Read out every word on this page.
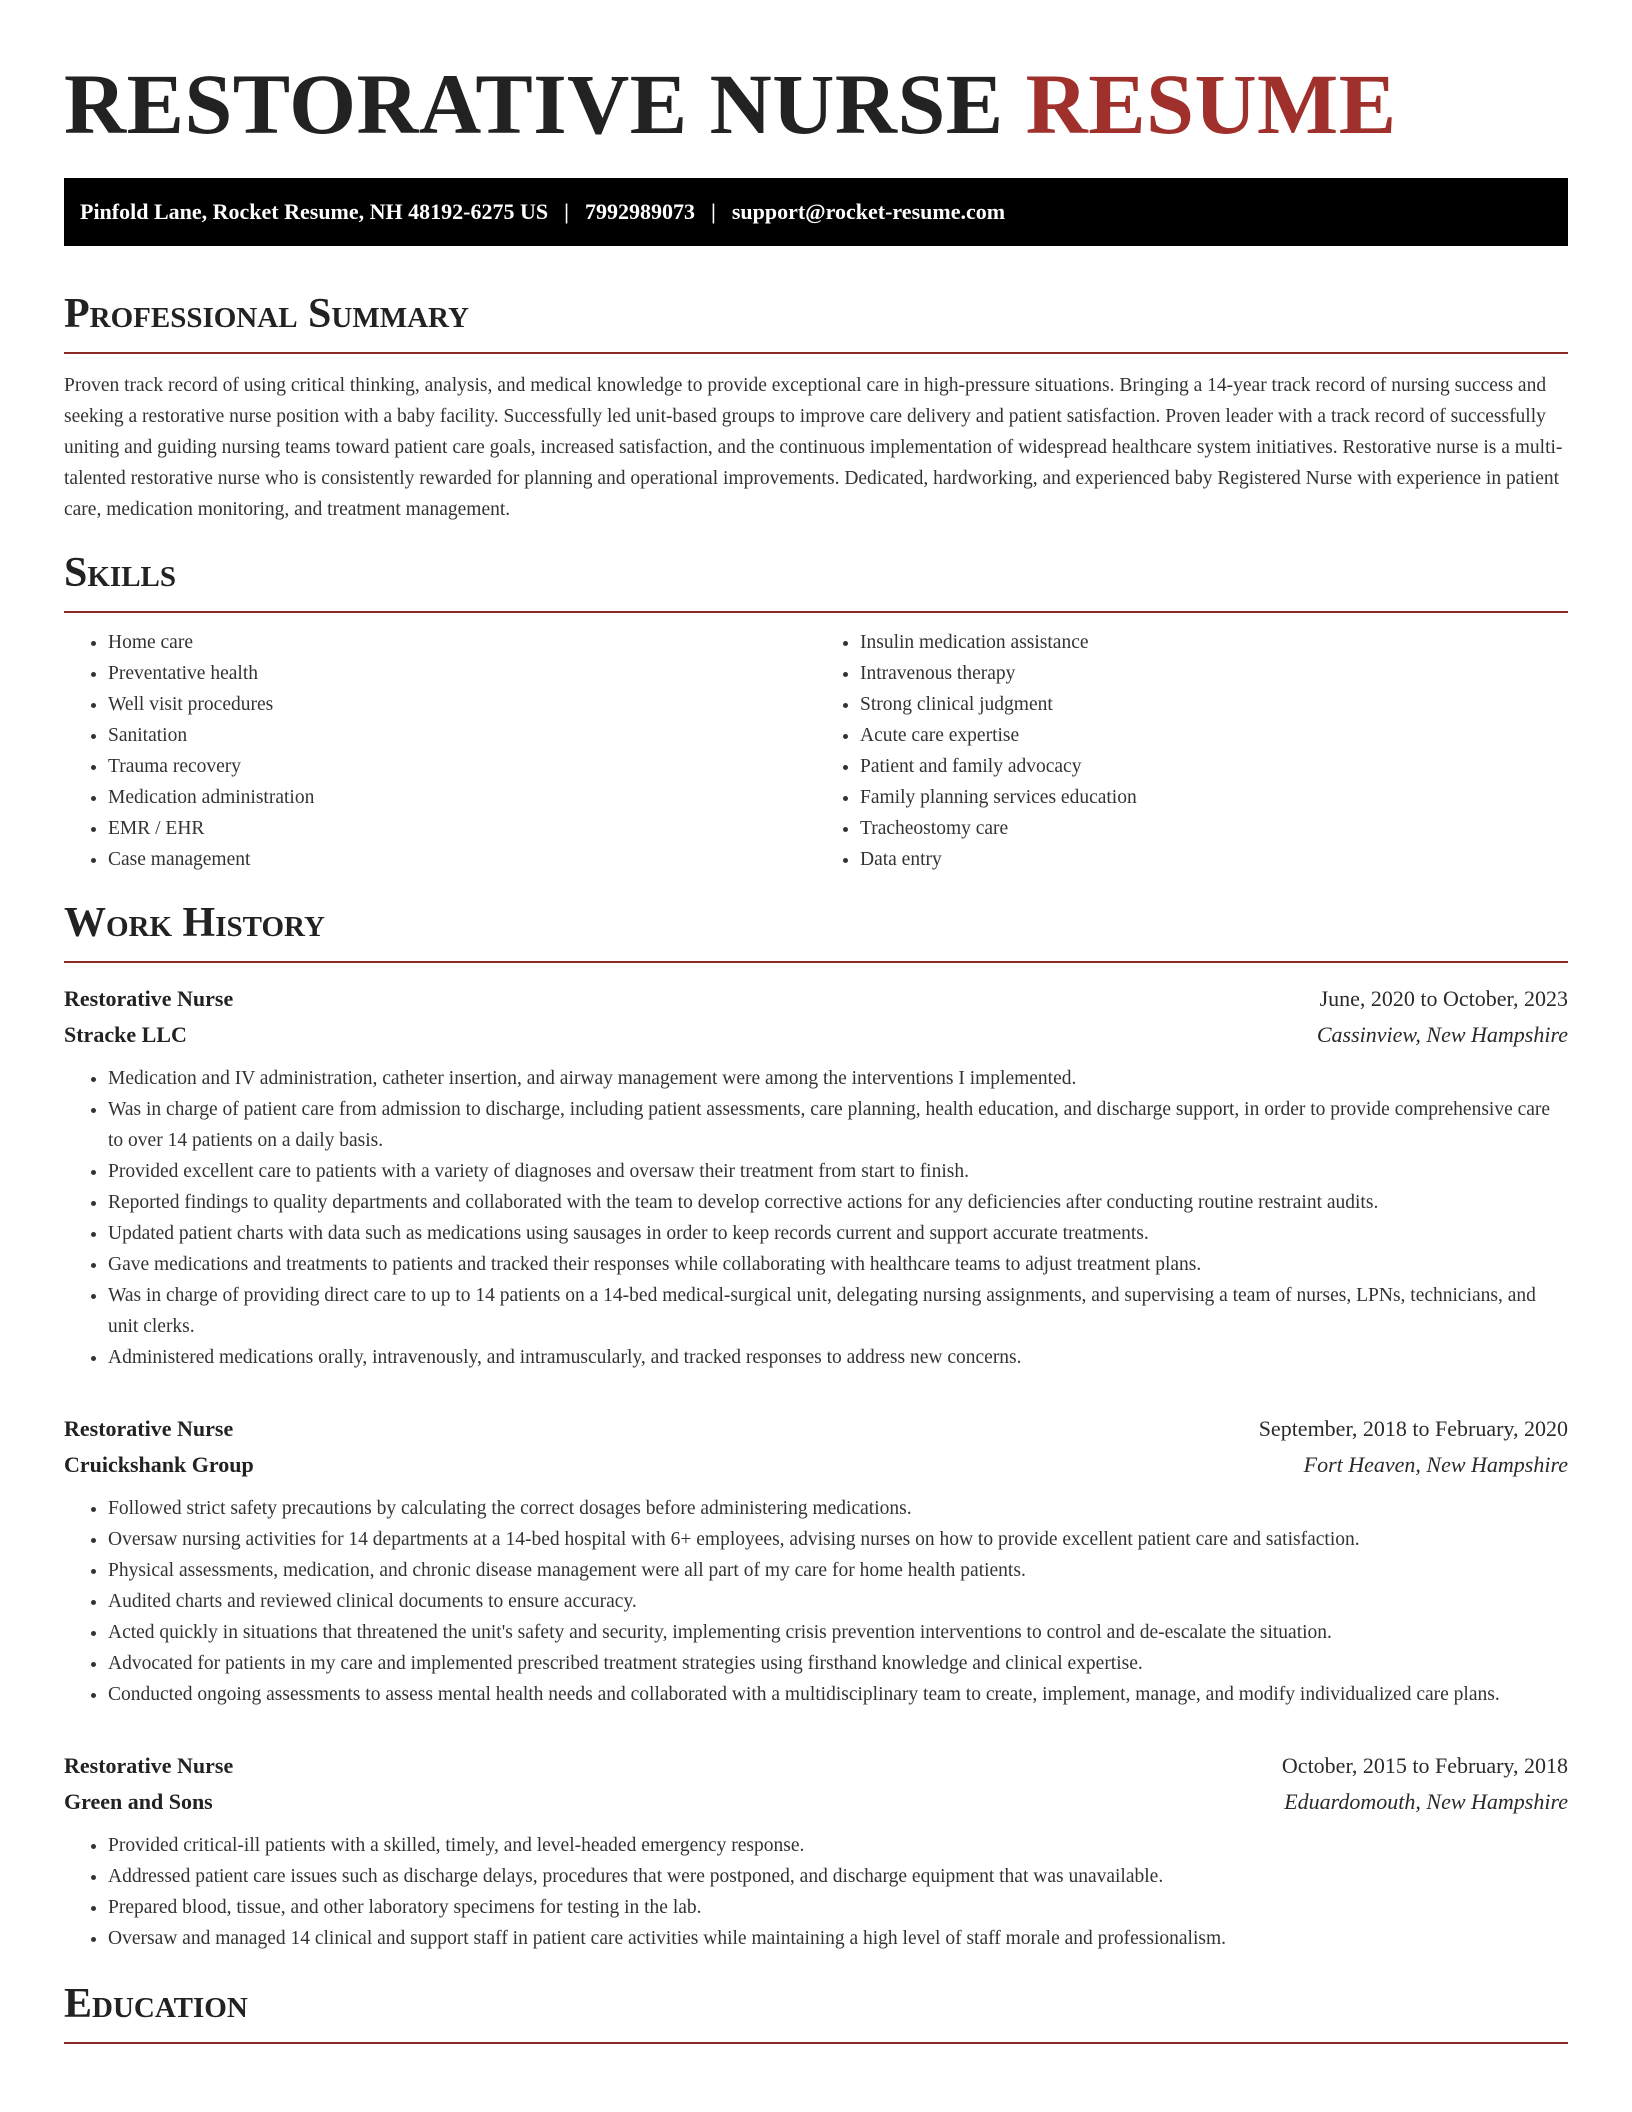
RESTORATIVE NURSE RESUME
Pinfold Lane, Rocket Resume, NH 48192-6275 US | 7992989073 | support@rocket-resume.com
Professional Summary

Proven track record of using critical thinking, analysis, and medical knowledge to provide exceptional care in high-pressure situations. Bringing a 14-year track record of nursing success and seeking a restorative nurse position with a baby facility. Successfully led unit-based groups to improve care delivery and patient satisfaction. Proven leader with a track record of successfully uniting and guiding nursing teams toward patient care goals, increased satisfaction, and the continuous implementation of widespread healthcare system initiatives. Restorative nurse is a multi-talented restorative nurse who is consistently rewarded for planning and operational improvements. Dedicated, hardworking, and experienced baby Registered Nurse with experience in patient care, medication monitoring, and treatment management.

Skills
• Home care
• Preventative health
• Well visit procedures
• Sanitation
• Trauma recovery
• Medication administration
• EMR / EHR
• Case management
• Insulin medication assistance
• Intravenous therapy
• Strong clinical judgment
• Acute care expertise
• Patient and family advocacy
• Family planning services education
• Tracheostomy care
• Data entry
Work History
Restorative Nurse	June, 2020 to October, 2023
Stracke LLC	Cassinview, New Hampshire
• Medication and IV administration, catheter insertion, and airway management were among the interventions I implemented.
• Was in charge of patient care from admission to discharge, including patient assessments, care planning, health education, and discharge support, in order to provide comprehensive care to over 14 patients on a daily basis.
• Provided excellent care to patients with a variety of diagnoses and oversaw their treatment from start to finish.
• Reported findings to quality departments and collaborated with the team to develop corrective actions for any deficiencies after conducting routine restraint audits.
• Updated patient charts with data such as medications using sausages in order to keep records current and support accurate treatments.
• Gave medications and treatments to patients and tracked their responses while collaborating with healthcare teams to adjust treatment plans.
• Was in charge of providing direct care to up to 14 patients on a 14-bed medical-surgical unit, delegating nursing assignments, and supervising a team of nurses, LPNs, technicians, and unit clerks.
• Administered medications orally, intravenously, and intramuscularly, and tracked responses to address new concerns.
Restorative Nurse	September, 2018 to February, 2020
Cruickshank Group	Fort Heaven, New Hampshire
• Followed strict safety precautions by calculating the correct dosages before administering medications.
• Oversaw nursing activities for 14 departments at a 14-bed hospital with 6+ employees, advising nurses on how to provide excellent patient care and satisfaction.
• Physical assessments, medication, and chronic disease management were all part of my care for home health patients.
• Audited charts and reviewed clinical documents to ensure accuracy.
• Acted quickly in situations that threatened the unit's safety and security, implementing crisis prevention interventions to control and de-escalate the situation.
• Advocated for patients in my care and implemented prescribed treatment strategies using firsthand knowledge and clinical expertise.
• Conducted ongoing assessments to assess mental health needs and collaborated with a multidisciplinary team to create, implement, manage, and modify individualized care plans.
Restorative Nurse	October, 2015 to February, 2018
Green and Sons	Eduardomouth, New Hampshire
• Provided critical-ill patients with a skilled, timely, and level-headed emergency response.
• Addressed patient care issues such as discharge delays, procedures that were postponed, and discharge equipment that was unavailable.
• Prepared blood, tissue, and other laboratory specimens for testing in the lab.
• Oversaw and managed 14 clinical and support staff in patient care activities while maintaining a high level of staff morale and professionalism.
Education
